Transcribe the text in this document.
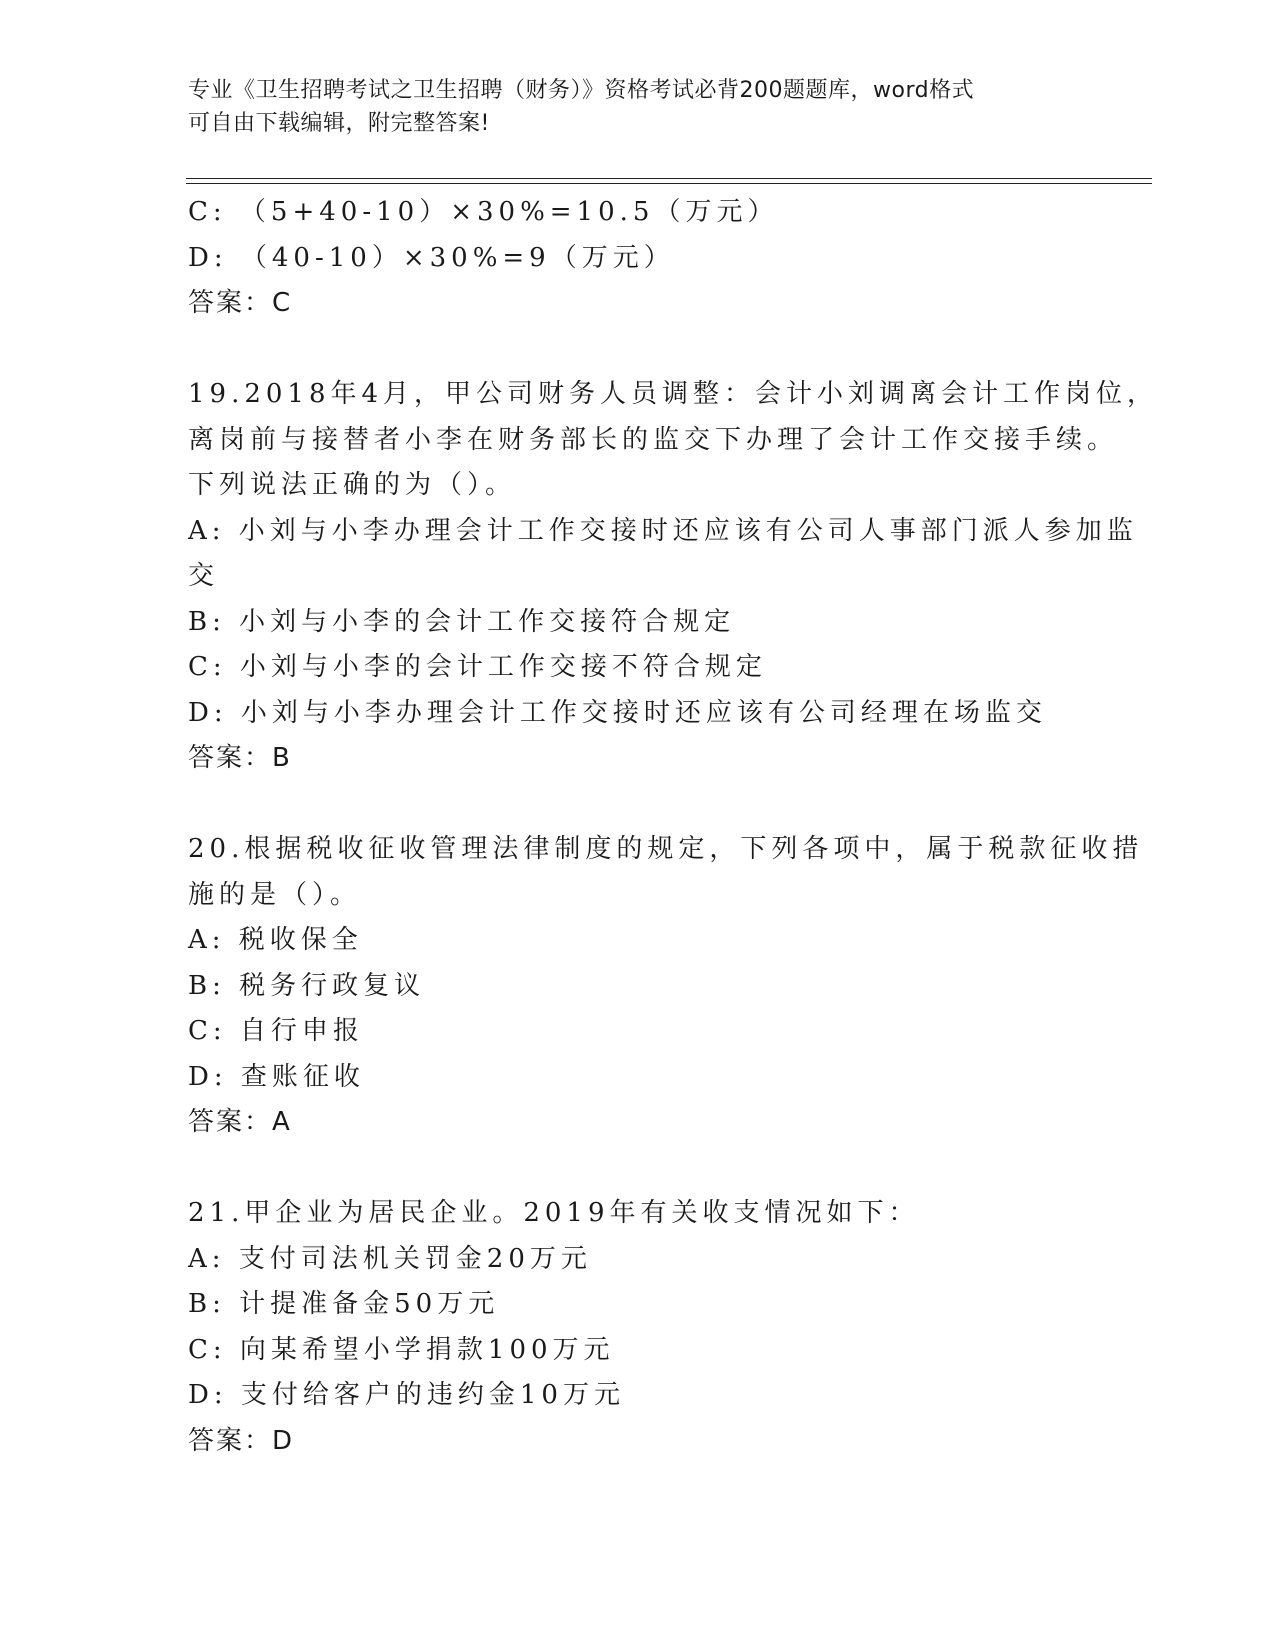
专业《卫生招聘考试之卫生招聘（财务）》资格考试必背200题题库，word格式
可自由下载编辑，附完整答案!
C: （5+40-10）×30%=10.5（万元）
D: （40-10）×30%=9（万元）
答案：C
19.2018年4月，甲公司财务人员调整：会计小刘调离会计工作岗位，
离岗前与接替者小李在财务部长的监交下办理了会计工作交接手续。
下列说法正确的为（）。
A: 小刘与小李办理会计工作交接时还应该有公司人事部门派人参加监
交
B: 小刘与小李的会计工作交接符合规定
C: 小刘与小李的会计工作交接不符合规定
D: 小刘与小李办理会计工作交接时还应该有公司经理在场监交
答案：B
20.根据税收征收管理法律制度的规定，下列各项中，属于税款征收措
施的是（）。
A: 税收保全
B: 税务行政复议
C: 自行申报
D: 查账征收
答案：A
21.甲企业为居民企业。2019年有关收支情况如下：
A: 支付司法机关罚金20万元
B: 计提准备金50万元
C: 向某希望小学捐款100万元
D: 支付给客户的违约金10万元
答案：D
